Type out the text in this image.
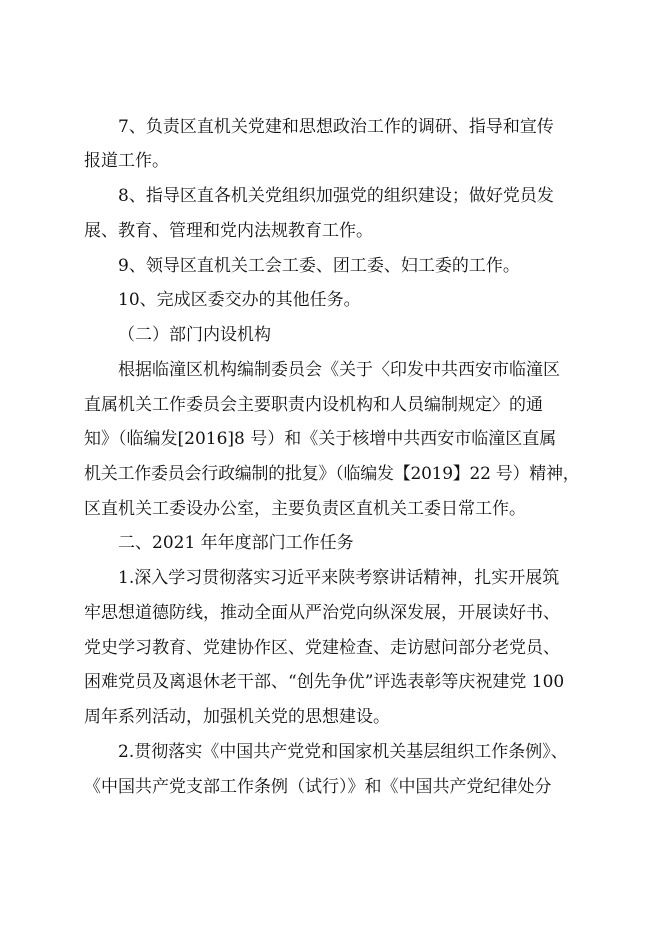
7、负责区直机关党建和思想政治工作的调研、指导和宣传
报道工作。
8、指导区直各机关党组织加强党的组织建设；做好党员发
展、教育、管理和党内法规教育工作。
9、领导区直机关工会工委、团工委、妇工委的工作。
10、完成区委交办的其他任务。
（二）部门内设机构
根据临潼区机构编制委员会《关于〈印发中共西安市临潼区
直属机关工作委员会主要职责内设机构和人员编制规定〉的通
知》（临编发[2016]8 号）和《关于核增中共西安市临潼区直属
机关工作委员会行政编制的批复》（临编发【2019】22 号）精神，
区直机关工委设办公室，主要负责区直机关工委日常工作。
二、2021 年年度部门工作任务
1.深入学习贯彻落实习近平来陕考察讲话精神，扎实开展筑
牢思想道德防线，推动全面从严治党向纵深发展，开展读好书、
党史学习教育、党建协作区、党建检查、走访慰问部分老党员、
困难党员及离退休老干部、“创先争优”评选表彰等庆祝建党 100
周年系列活动，加强机关党的思想建设。
2.贯彻落实《中国共产党党和国家机关基层组织工作条例》、
《中国共产党支部工作条例（试行）》和《中国共产党纪律处分
